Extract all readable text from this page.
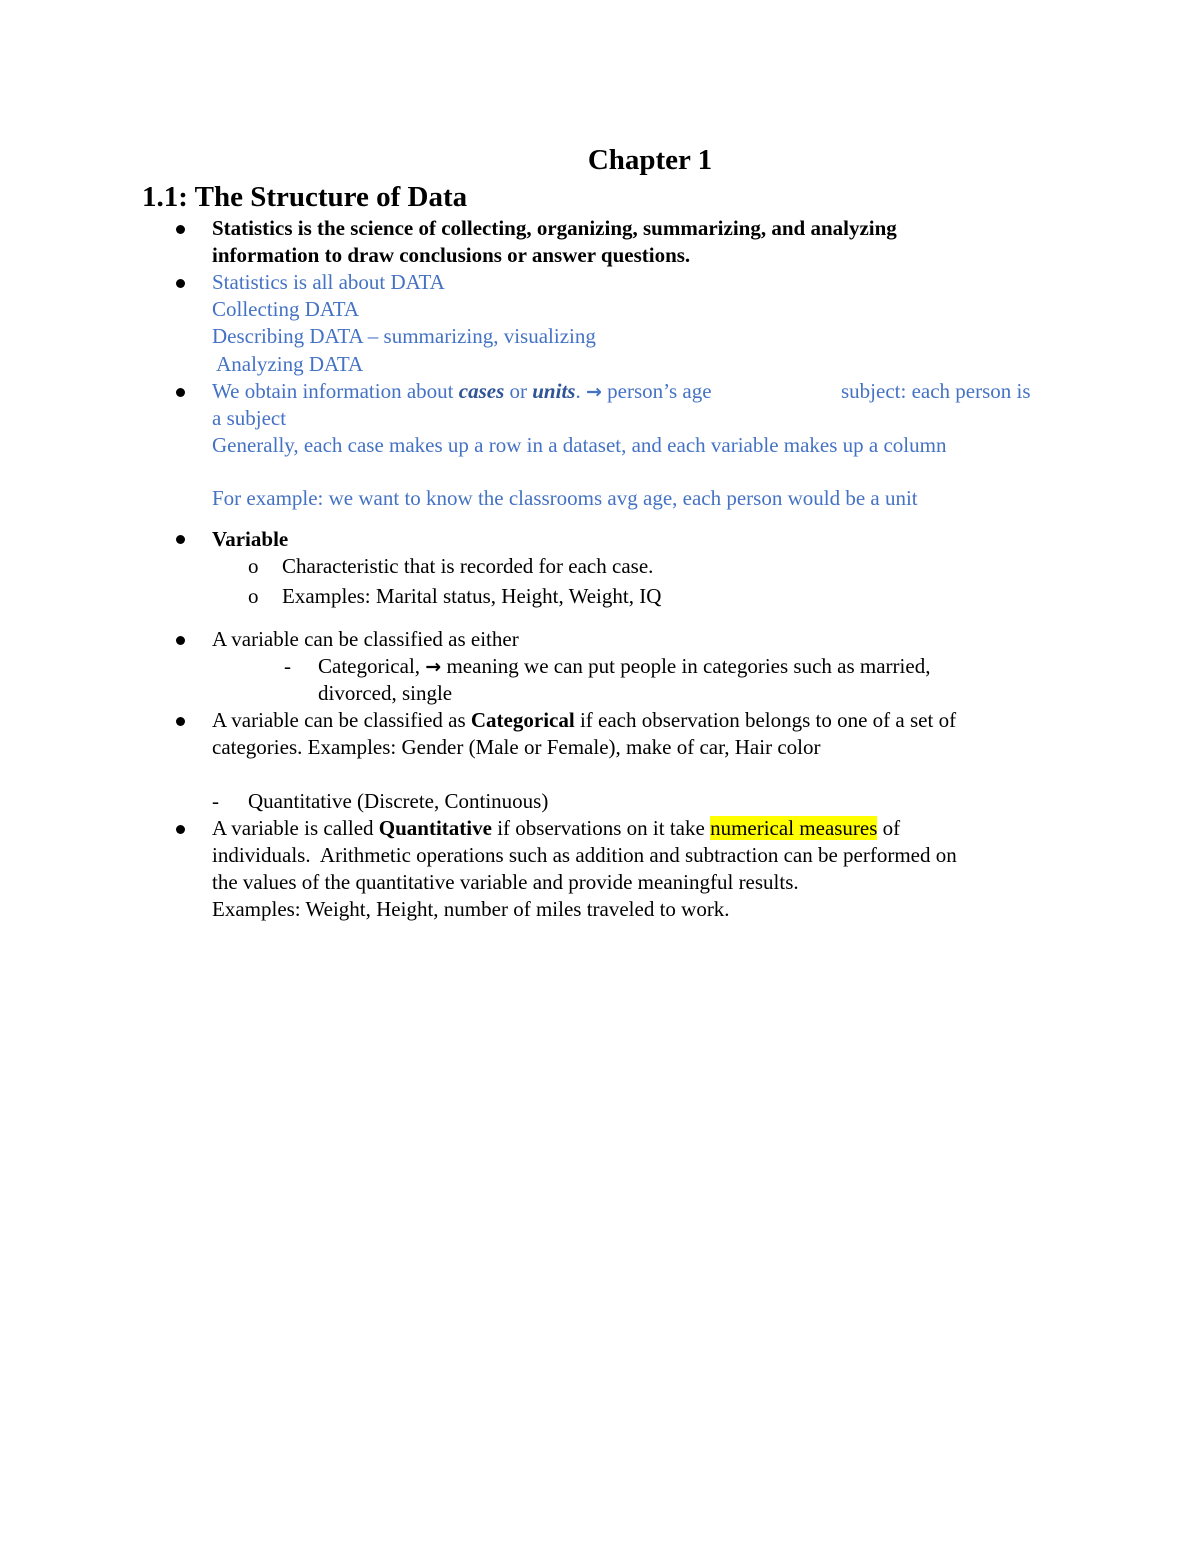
Chapter 1
1.1: The Structure of Data
Statistics is the science of collecting, organizing, summarizing, and analyzing
information to draw conclusions or answer questions.
Statistics is all about DATA
Collecting DATA
Describing DATA – summarizing, visualizing
Analyzing DATA
We obtain information about cases or units. → person’s age	subject: each person is
a subject
Generally, each case makes up a row in a dataset, and each variable makes up a column
For example: we want to know the classrooms avg age, each person would be a unit
Variable
o Characteristic that is recorded for each case.
o Examples: Marital status, Height, Weight, IQ
A variable can be classified as either
- Categorical, → meaning we can put people in categories such as married,
divorced, single
A variable can be classified as Categorical if each observation belongs to one of a set of
categories. Examples: Gender (Male or Female), make of car, Hair color
- Quantitative (Discrete, Continuous)
A variable is called Quantitative if observations on it take numerical measures of
individuals.  Arithmetic operations such as addition and subtraction can be performed on
the values of the quantitative variable and provide meaningful results.
Examples: Weight, Height, number of miles traveled to work.
